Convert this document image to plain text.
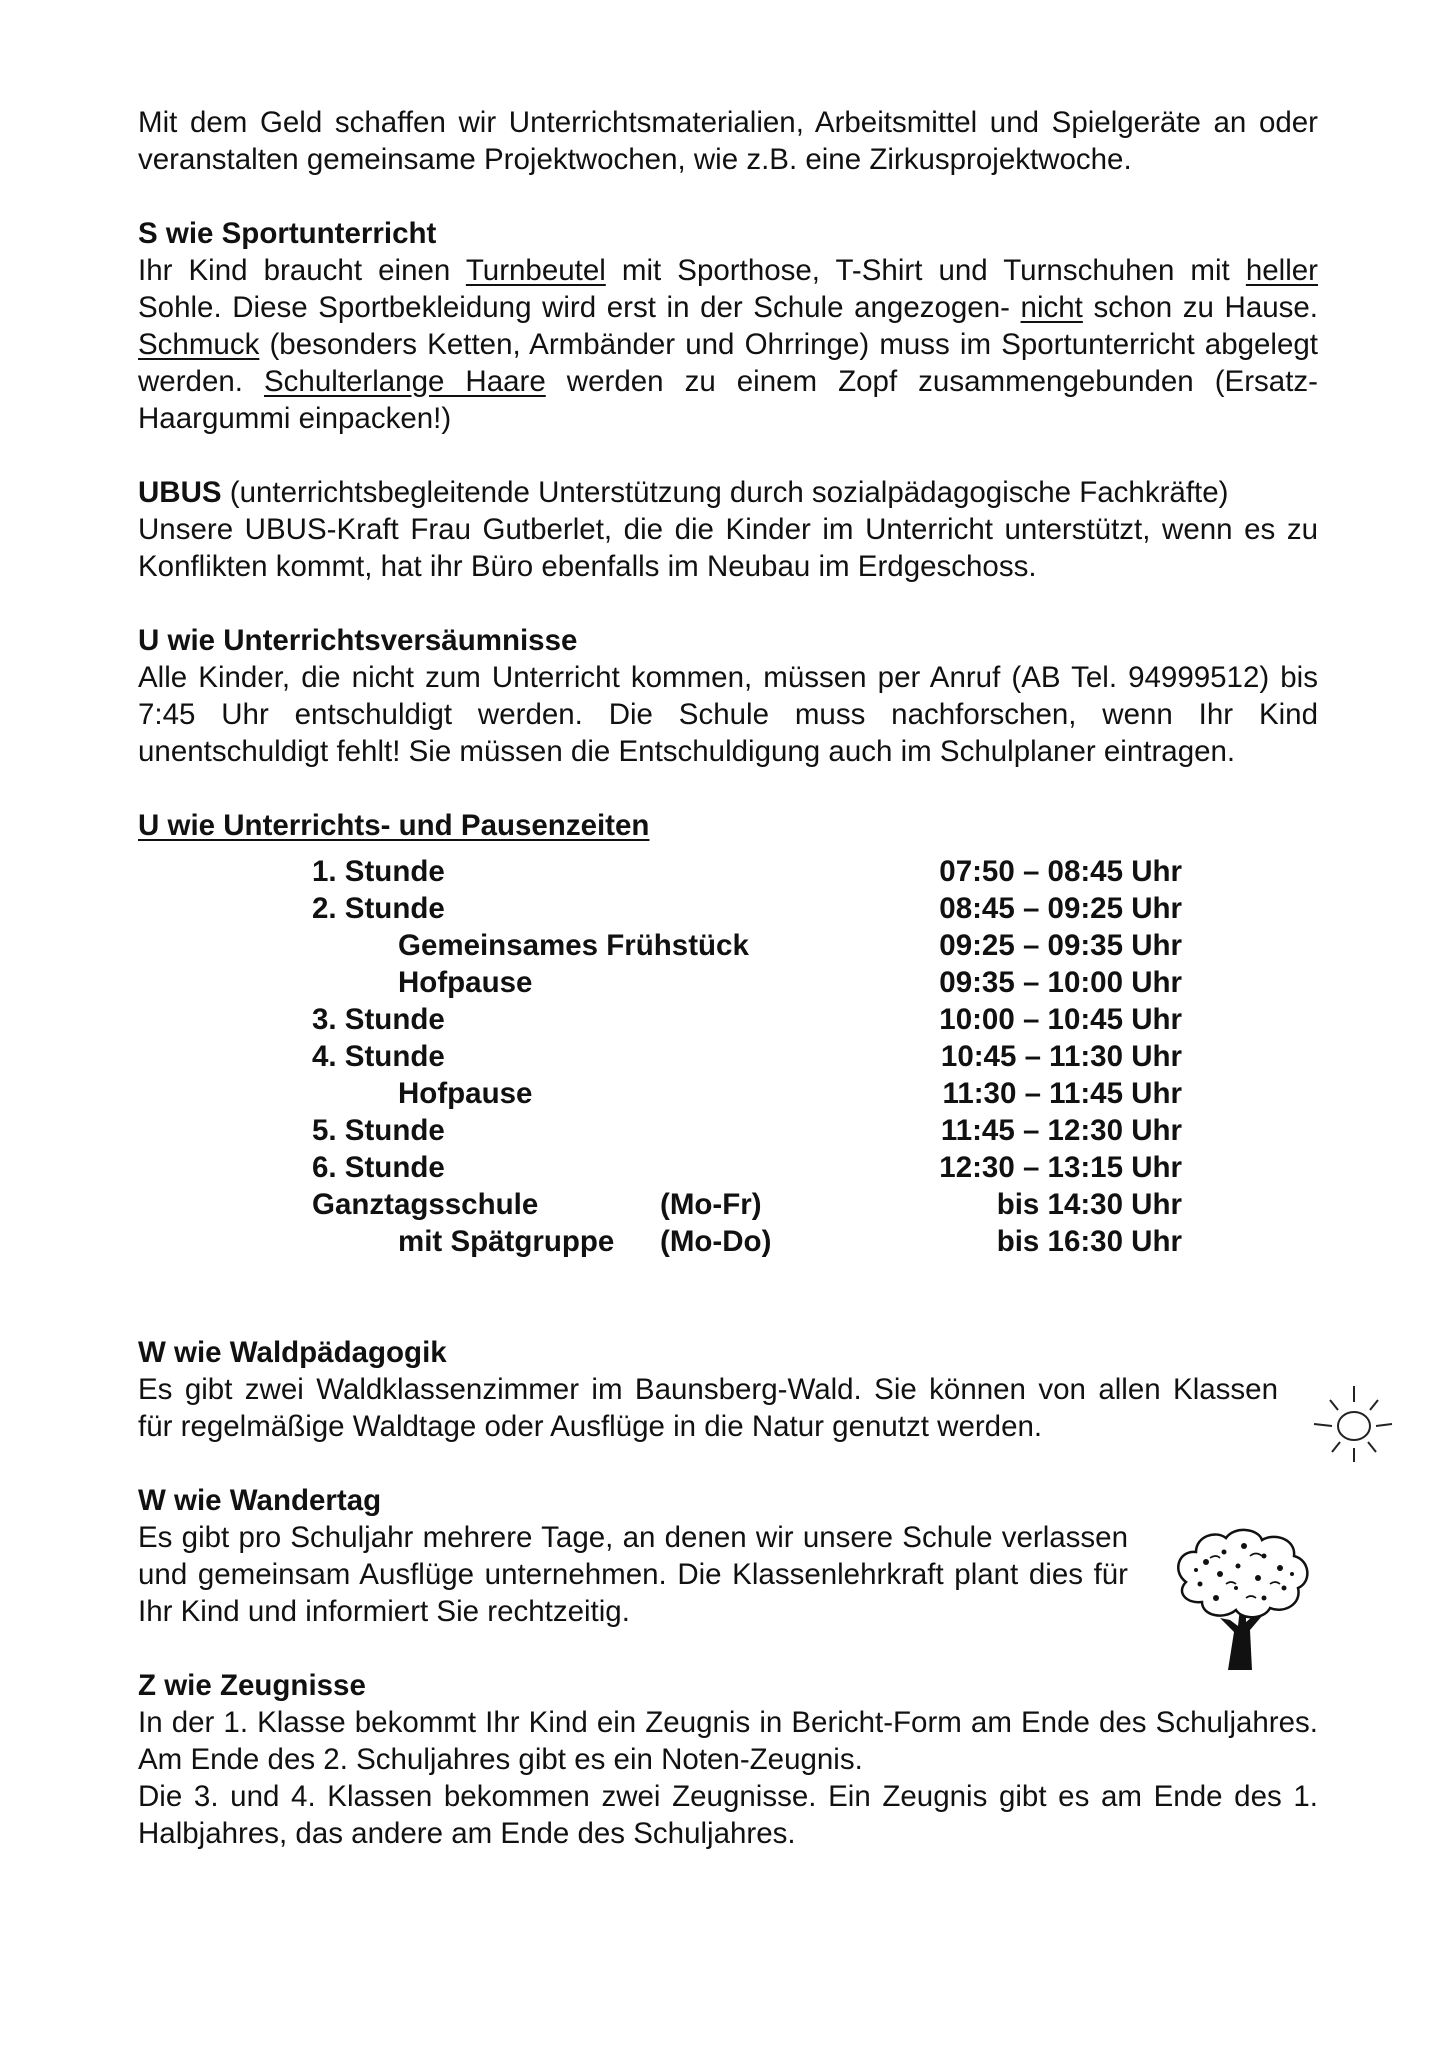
Mit dem Geld schaffen wir Unterrichtsmaterialien, Arbeitsmittel und Spielgeräte an oder veranstalten gemeinsame Projektwochen, wie z.B. eine Zirkusprojektwoche.

S wie Sportunterricht

Ihr Kind braucht einen Turnbeutel mit Sporthose, T-Shirt und Turnschuhen mit heller Sohle. Diese Sportbekleidung wird erst in der Schule angezogen- nicht schon zu Hause. Schmuck (besonders Ketten, Armbänder und Ohrringe) muss im Sportunterricht abgelegt werden. Schulterlange Haare werden zu einem Zopf zusammengebunden (Ersatz-Haargummi einpacken!)

UBUS (unterrichtsbegleitende Unterstützung durch sozialpädagogische Fachkräfte)

Unsere UBUS-Kraft Frau Gutberlet, die die Kinder im Unterricht unterstützt, wenn es zu Konflikten kommt, hat ihr Büro ebenfalls im Neubau im Erdgeschoss.

U wie Unterrichtsversäumnisse

Alle Kinder, die nicht zum Unterricht kommen, müssen per Anruf (AB Tel. 94999512) bis 7:45 Uhr entschuldigt werden. Die Schule muss nachforschen, wenn Ihr Kind unentschuldigt fehlt! Sie müssen die Entschuldigung auch im Schulplaner eintragen.

U wie Unterrichts- und Pausenzeiten

1. Stunde	07:50 – 08:45 Uhr
2. Stunde	08:45 – 09:25 Uhr
Gemeinsames Frühstück	09:25 – 09:35 Uhr
Hofpause	09:35 – 10:00 Uhr
3. Stunde	10:00 – 10:45 Uhr
4. Stunde	10:45 – 11:30 Uhr
Hofpause	11:30 – 11:45 Uhr
5. Stunde	11:45 – 12:30 Uhr
6. Stunde	12:30 – 13:15 Uhr
Ganztagsschule	(Mo-Fr)	bis 14:30 Uhr
mit Spätgruppe	(Mo-Do)	bis 16:30 Uhr

W wie Waldpädagogik

Es gibt zwei Waldklassenzimmer im Baunsberg-Wald. Sie können von allen Klassen für regelmäßige Waldtage oder Ausflüge in die Natur genutzt werden.

W wie Wandertag

Es gibt pro Schuljahr mehrere Tage, an denen wir unsere Schule verlassen und gemeinsam Ausflüge unternehmen. Die Klassenlehrkraft plant dies für Ihr Kind und informiert Sie rechtzeitig.

Z wie Zeugnisse

In der 1. Klasse bekommt Ihr Kind ein Zeugnis in Bericht-Form am Ende des Schuljahres. Am Ende des 2. Schuljahres gibt es ein Noten-Zeugnis.

Die 3. und 4. Klassen bekommen zwei Zeugnisse. Ein Zeugnis gibt es am Ende des 1. Halbjahres, das andere am Ende des Schuljahres.
